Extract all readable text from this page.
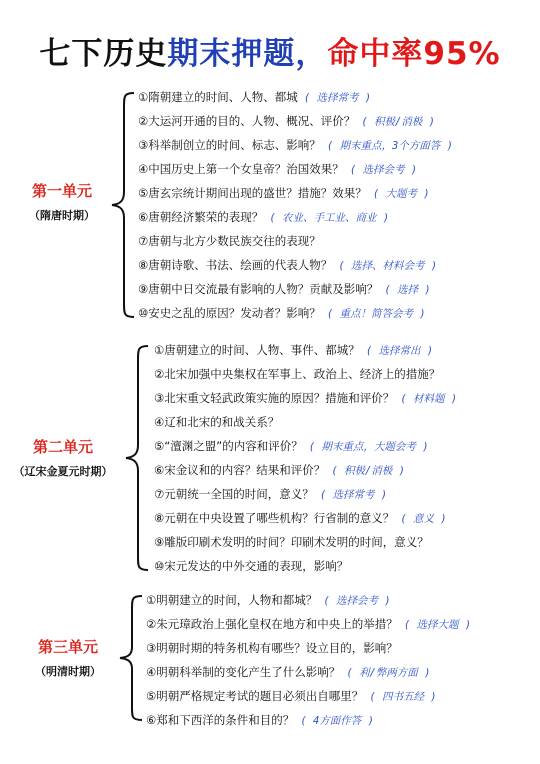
七下历史期末押题，命中率95%
第一单元
（隋唐时期）
第二单元
（辽宋金夏元时期）
第三单元
（明清时期）
①隋朝建立的时间、人物、都城 ( 选择常考 )
②大运河开通的目的、人物、概况、评价？ ( 积极/消极 )
③科举制创立的时间、标志、影响？ ( 期末重点，3个方面答 )
④中国历史上第一个女皇帝？治国效果？ ( 选择会考 )
⑤唐玄宗统计期间出现的盛世？措施？效果？ ( 大题考 )
⑥唐朝经济繁荣的表现？ ( 农业、手工业、商业 )
⑦唐朝与北方少数民族交往的表现？
⑧唐朝诗歌、书法、绘画的代表人物？ ( 选择、材料会考 )
⑨唐朝中日交流最有影响的人物？贡献及影响？ ( 选择 )
⑩安史之乱的原因？发动者？影响？ ( 重点！简答会考 )
①唐朝建立的时间、人物、事件、都城？ ( 选择常出 )
②北宋加强中央集权在军事上、政治上、经济上的措施？
③北宋重文轻武政策实施的原因？措施和评价？ ( 材料题 )
④辽和北宋的和战关系？
⑤“澶渊之盟”的内容和评价？ ( 期末重点，大题会考 )
⑥宋金议和的内容？结果和评价？ ( 积极/消极 )
⑦元朝统一全国的时间，意义？ ( 选择常考 )
⑧元朝在中央设置了哪些机构？行省制的意义？ ( 意义 )
⑨雕版印刷术发明的时间？印刷术发明的时间，意义？
⑩宋元发达的中外交通的表现，影响？
①明朝建立的时间，人物和都城？ ( 选择会考 )
②朱元璋政治上强化皇权在地方和中央上的举措？ ( 选择大题 )
③明朝时期的特务机构有哪些？设立目的，影响？
④明朝科举制的变化产生了什么影响？ ( 利/弊两方面 )
⑤明朝严格规定考试的题目必须出自哪里？ ( 四书五经 )
⑥郑和下西洋的条件和目的？ ( 4方面作答 )
